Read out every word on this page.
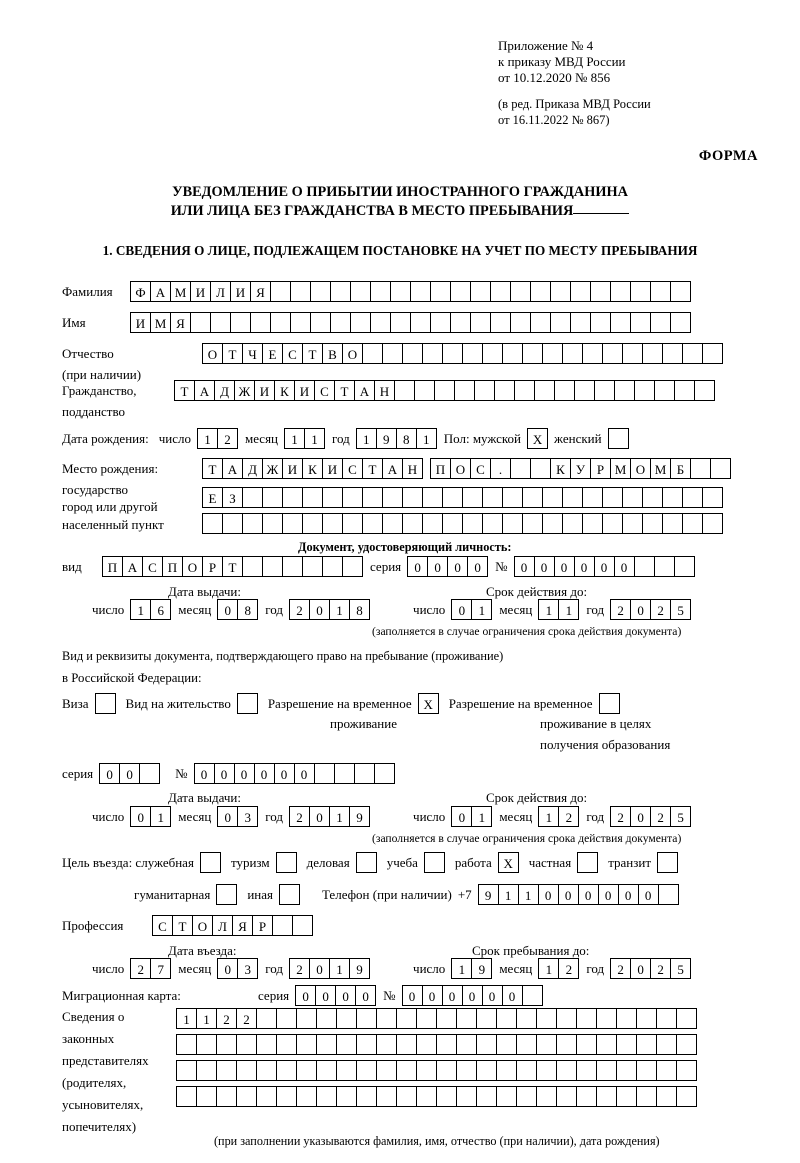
Приложение № 4
к приказу МВД России
от 10.12.2020 № 856
(в ред. Приказа МВД России
от 16.11.2022 № 867)
ФОРМА
УВЕДОМЛЕНИЕ О ПРИБЫТИИ ИНОСТРАННОГО ГРАЖДАНИНА
ИЛИ ЛИЦА БЕЗ ГРАЖДАНСТВА В МЕСТО ПРЕБЫВАНИЯ
1. СВЕДЕНИЯ О ЛИЦЕ, ПОДЛЕЖАЩЕМ ПОСТАНОВКЕ НА УЧЕТ ПО МЕСТУ ПРЕБЫВАНИЯ
Фамилия	Ф А М И Л И Я
Имя	И М Я
Отчество	О Т Ч Е С Т В О
(при наличии)
Гражданство,	Т А Д Ж И К И С Т А Н
подданство
Дата рождения: число	1	2	месяц	1	1	год	1	9	8	1	Пол: мужской X женский
Место рождения:	Т А Д Ж И К И С Т А Н	П О С	.	К У Р М О М Б
государство
Е З
город или другой
населенный пункт
Документ, удостоверяющий личность:
вид	П А С П О Р Т	серия	0	0	0	0	№	0	0	0	0	0	0
Дата выдачи:	Срок действия до:
число	1	6	месяц	0	8	год	2	0	1	8	число	0	1	месяц	1	1	год	2	0	2	5
(заполняется в случае ограничения срока действия документа)
Вид и реквизиты документа, подтверждающего право на пребывание (проживание)
в Российской Федерации:
Виза	Вид на жительство	Разрешение на временное X	Разрешение на временное
проживание	проживание в целях
получения образования
серия	0	0	№	0	0	0	0	0	0
Дата выдачи:	Срок действия до:
число	0	1	месяц	0	3	год	2	0	1	9	число	0	1	месяц	1	2	год	2	0	2	5
(заполняется в случае ограничения срока действия документа)
Цель въезда: служебная	туризм	деловая	учеба	работа X	частная	транзит
гуманитарная	иная	Телефон (при наличии) +7	9	1	1	0	0	0	0	0	0
Профессия	С Т О Л Я Р
Дата въезда:	Срок пребывания до:
число	2	7	месяц	0	3	год	2	0	1	9	число	1	9	месяц	1	2	год	2	0	2	5
Миграционная карта:	серия	0	0	0	0	№	0	0	0	0	0	0
Сведения о
законных
представителях
(родителях,
усыновителях,
попечителях)
1	1	2	2
(при заполнении указываются фамилия, имя, отчество (при наличии), дата рождения)
